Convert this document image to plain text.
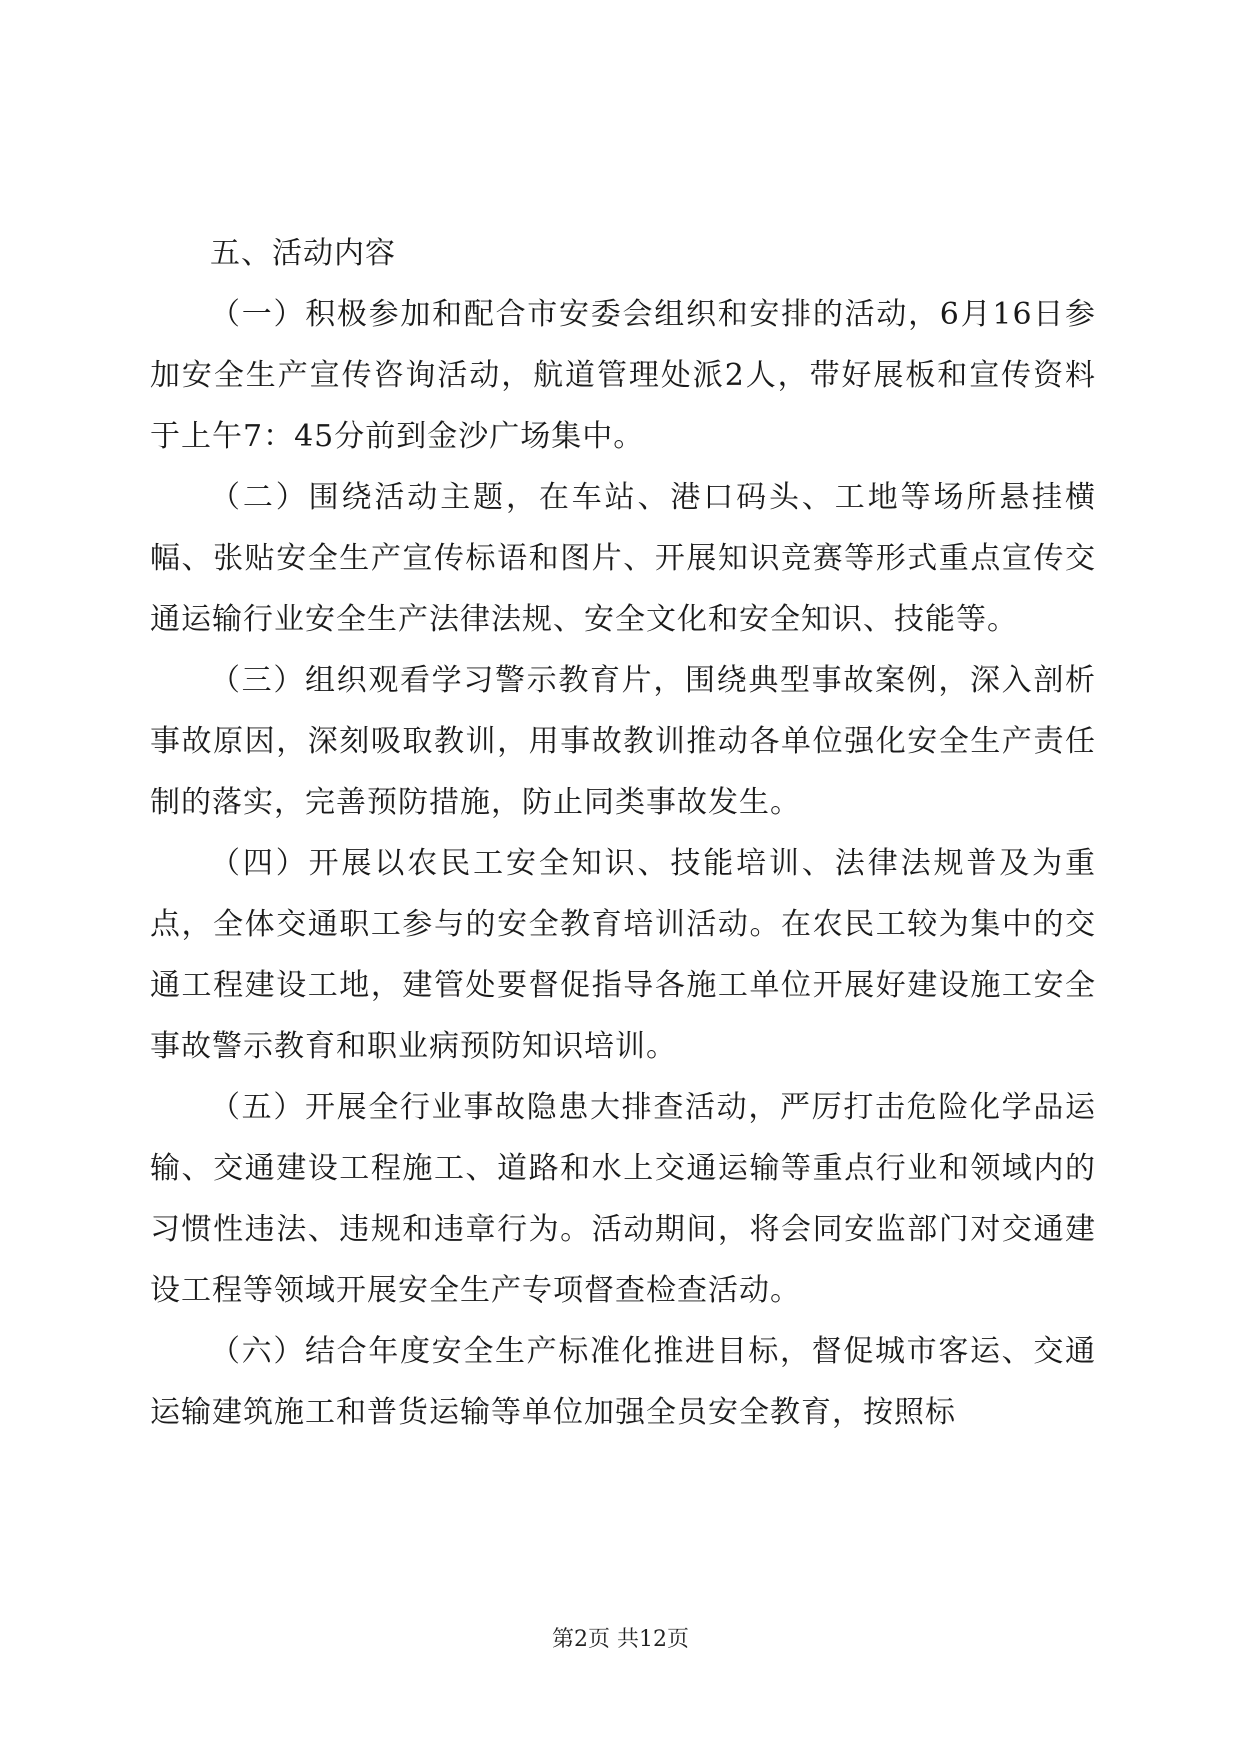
五、活动内容

（一）积极参加和配合市安委会组织和安排的活动，6月16日参加安全生产宣传咨询活动，航道管理处派2人，带好展板和宣传资料于上午7：45分前到金沙广场集中。

（二）围绕活动主题，在车站、港口码头、工地等场所悬挂横幅、张贴安全生产宣传标语和图片、开展知识竞赛等形式重点宣传交通运输行业安全生产法律法规、安全文化和安全知识、技能等。

（三）组织观看学习警示教育片，围绕典型事故案例，深入剖析事故原因，深刻吸取教训，用事故教训推动各单位强化安全生产责任制的落实，完善预防措施，防止同类事故发生。

（四）开展以农民工安全知识、技能培训、法律法规普及为重点，全体交通职工参与的安全教育培训活动。在农民工较为集中的交通工程建设工地，建管处要督促指导各施工单位开展好建设施工安全事故警示教育和职业病预防知识培训。

（五）开展全行业事故隐患大排查活动，严厉打击危险化学品运输、交通建设工程施工、道路和水上交通运输等重点行业和领域内的习惯性违法、违规和违章行为。活动期间，将会同安监部门对交通建设工程等领域开展安全生产专项督查检查活动。

（六）结合年度安全生产标准化推进目标，督促城市客运、交通运输建筑施工和普货运输等单位加强全员安全教育，按照标

第2页 共12页
